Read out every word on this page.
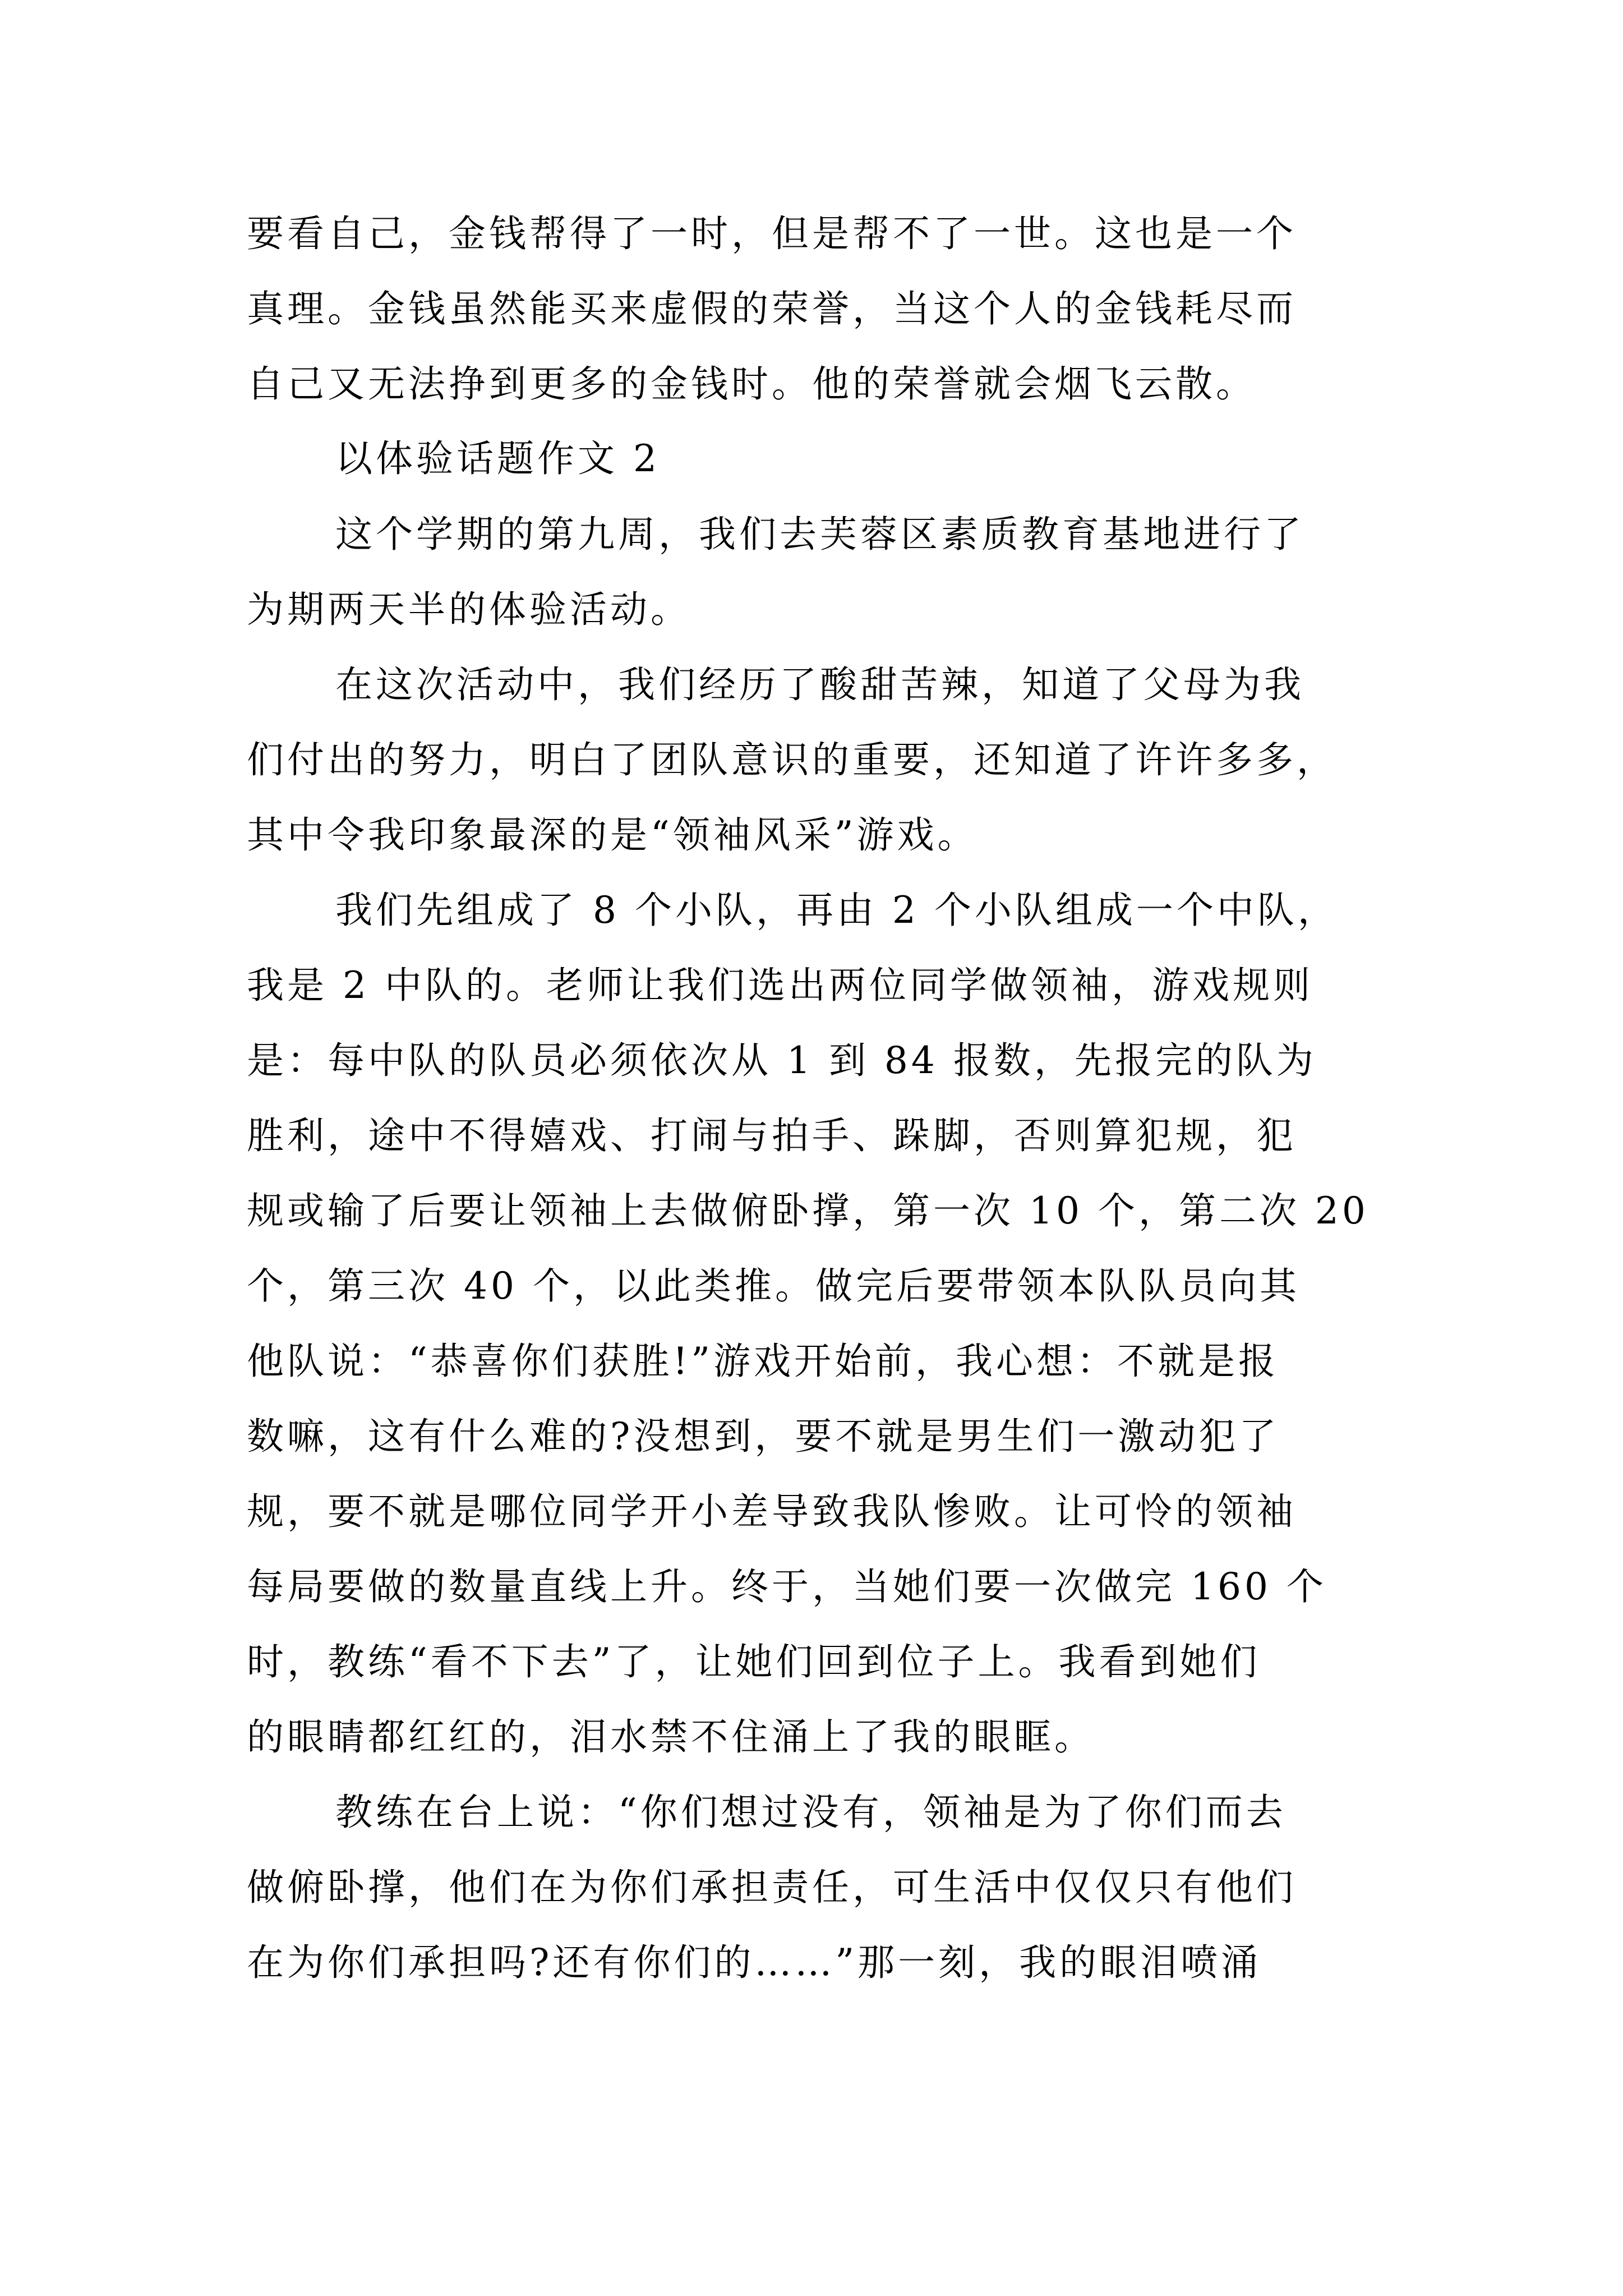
要看自己，金钱帮得了一时，但是帮不了一世。这也是一个

真理。金钱虽然能买来虚假的荣誉，当这个人的金钱耗尽而

自己又无法挣到更多的金钱时。他的荣誉就会烟飞云散。

以体验话题作文 2

这个学期的第九周，我们去芙蓉区素质教育基地进行了

为期两天半的体验活动。

在这次活动中，我们经历了酸甜苦辣，知道了父母为我

们付出的努力，明白了团队意识的重要，还知道了许许多多，

其中令我印象最深的是“领袖风采”游戏。

我们先组成了 8 个小队，再由 2 个小队组成一个中队，

我是 2 中队的。老师让我们选出两位同学做领袖，游戏规则

是：每中队的队员必须依次从 1 到 84 报数，先报完的队为

胜利，途中不得嬉戏、打闹与拍手、跺脚，否则算犯规，犯

规或输了后要让领袖上去做俯卧撑，第一次 10 个，第二次 20

个，第三次 40 个，以此类推。做完后要带领本队队员向其

他队说：“恭喜你们获胜!”游戏开始前，我心想：不就是报

数嘛，这有什么难的?没想到，要不就是男生们一激动犯了

规，要不就是哪位同学开小差导致我队惨败。让可怜的领袖

每局要做的数量直线上升。终于，当她们要一次做完 160 个

时，教练“看不下去”了，让她们回到位子上。我看到她们

的眼睛都红红的，泪水禁不住涌上了我的眼眶。

教练在台上说：“你们想过没有，领袖是为了你们而去

做俯卧撑，他们在为你们承担责任，可生活中仅仅只有他们

在为你们承担吗?还有你们的……”那一刻，我的眼泪喷涌
